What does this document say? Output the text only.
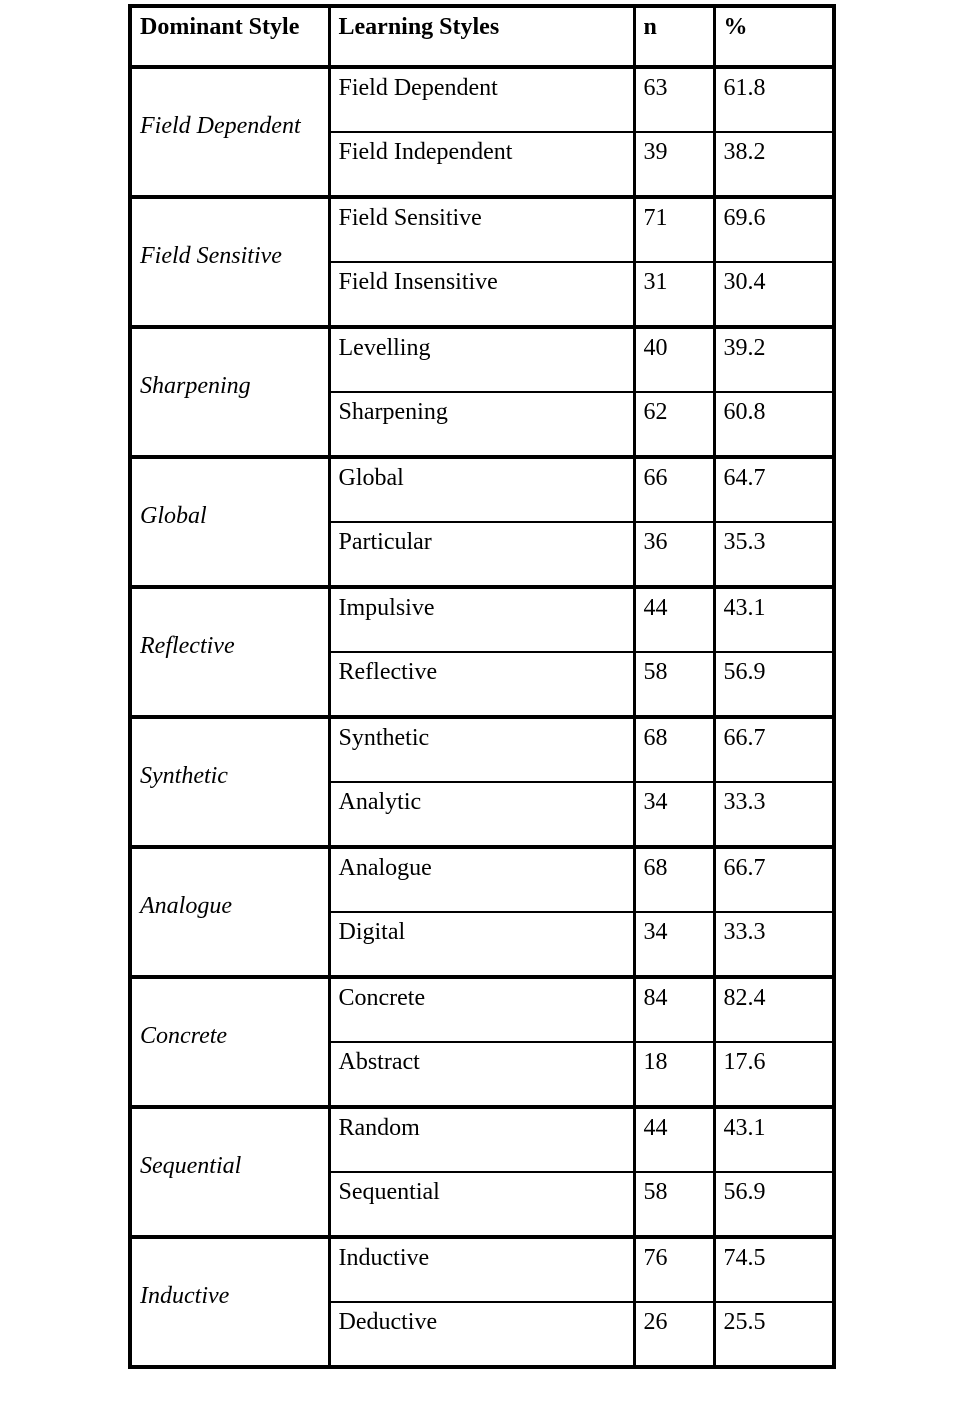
Dominant Style	Learning Styles	n	%
Field Dependent	Field Dependent	63	61.8
	Field Independent	39	38.2
Field Sensitive	Field Sensitive	71	69.6
	Field Insensitive	31	30.4
Sharpening	Levelling	40	39.2
	Sharpening	62	60.8
Global	Global	66	64.7
	Particular	36	35.3
Reflective	Impulsive	44	43.1
	Reflective	58	56.9
Synthetic	Synthetic	68	66.7
	Analytic	34	33.3
Analogue	Analogue	68	66.7
	Digital	34	33.3
Concrete	Concrete	84	82.4
	Abstract	18	17.6
Sequential	Random	44	43.1
	Sequential	58	56.9
Inductive	Inductive	76	74.5
	Deductive	26	25.5
